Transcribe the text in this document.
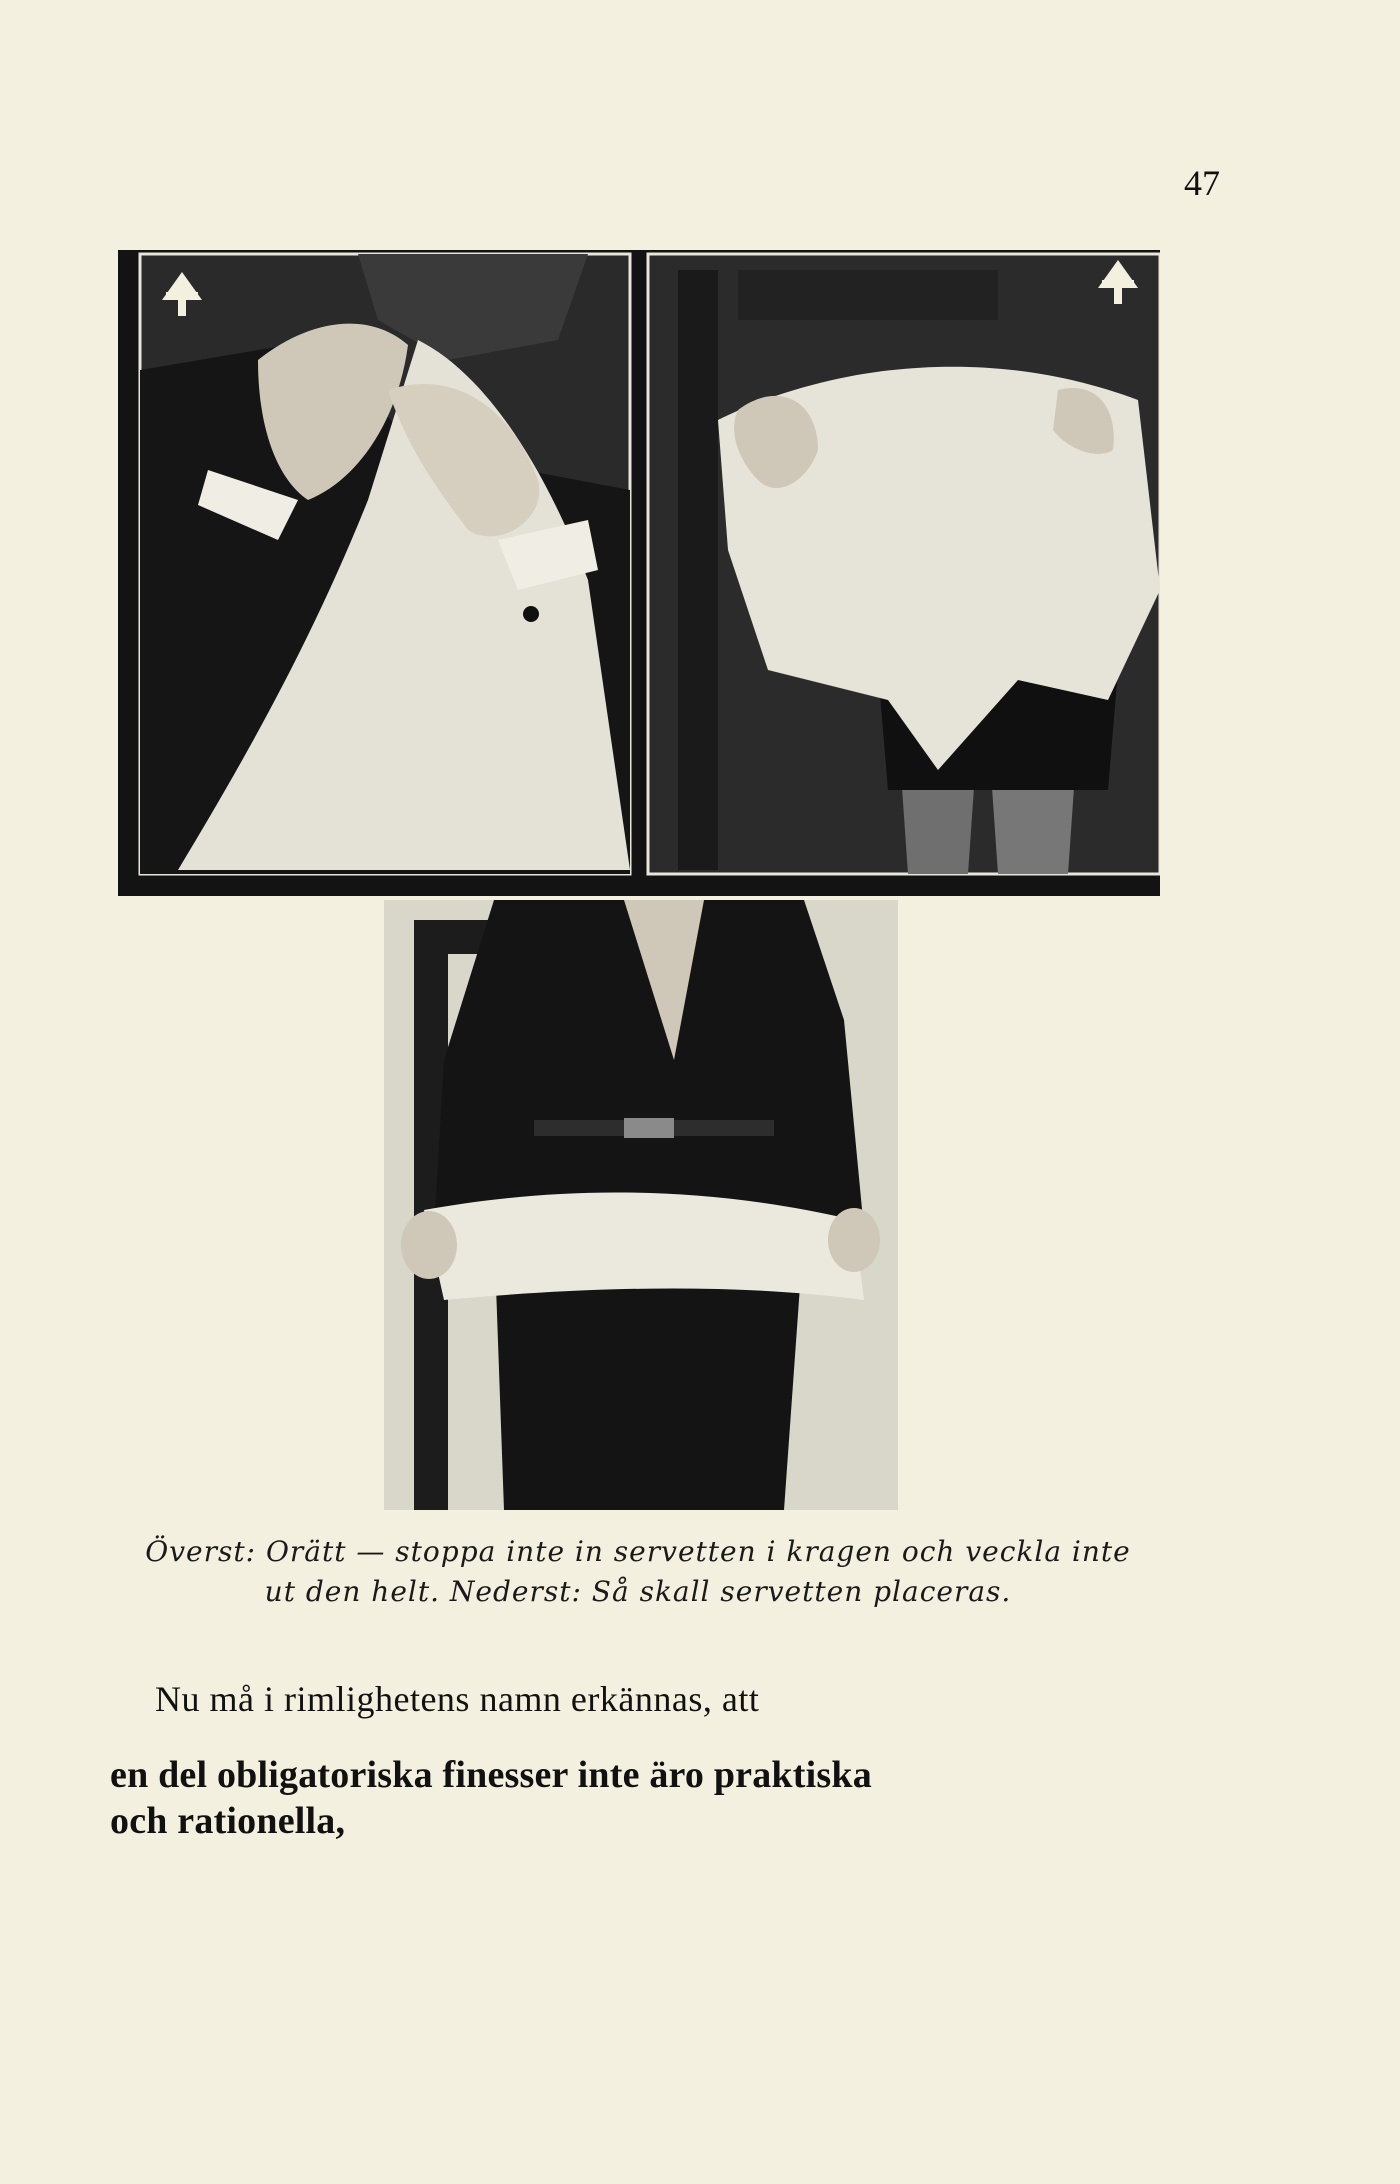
47
Överst: Orätt — stoppa inte in servetten i kragen och veckla inte ut den helt. Nederst: Så skall servetten placeras.
Nu må i rimlighetens namn erkännas, att
en del obligatoriska finesser inte äro praktiska
och rationella,
